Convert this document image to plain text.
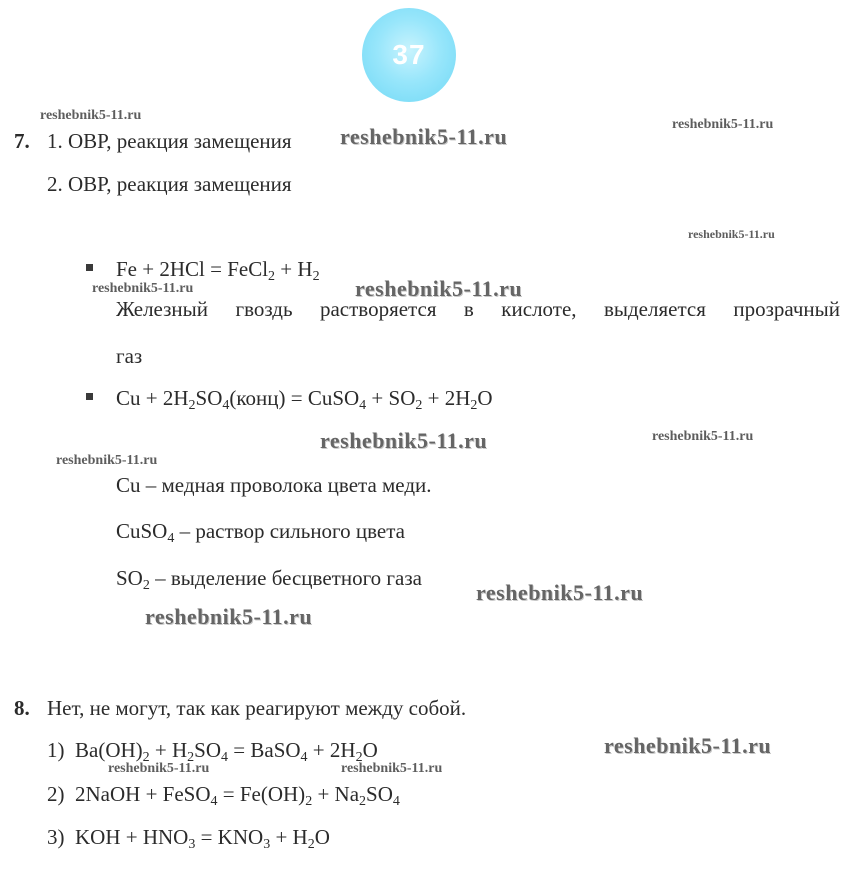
37
7. 1. ОВР, реакция замещения
2. ОВР, реакция замещения
Fe + 2HCl = FeCl$_2$ + $H_2$
Железный гвоздь растворяется в кислоте, выделяется прозрачный
газ
$Cu + 2H_2SO_4(конц)$ = CuSO$_4$ + $SO_2 + 2H_2O$
Cu – медная проволока цвета меди.
CuSO$_4$ – раствор сильного цвета
$SO_2$ – выделение бесцветного газа
8. Нет, не могут, так как реагируют между собой.
1) $Ba(OH)_2 + H_2SO_4$ = BaSO$_4$ + $2H_2O$
2) 2NaOH + FeSO$_4$ = $Fe(OH)_2 + Na_2SO_4$
3) KOH + $HNO_3 = KNO_3 + H_2O$
reshebnik5-11.ru
reshebnik5-11.ru	reshebnik5-11.ru
reshebnik5-11.ru
reshebnik5-11.ru	reshebnik5-11.ru
reshebnik5-11.ru	reshebnik5-11.ru
reshebnik5-11.ru
reshebnik5-11.ru
reshebnik5-11.ru
reshebnik5-11.ru
reshebnik5-11.ru	reshebnik5-11.ru
